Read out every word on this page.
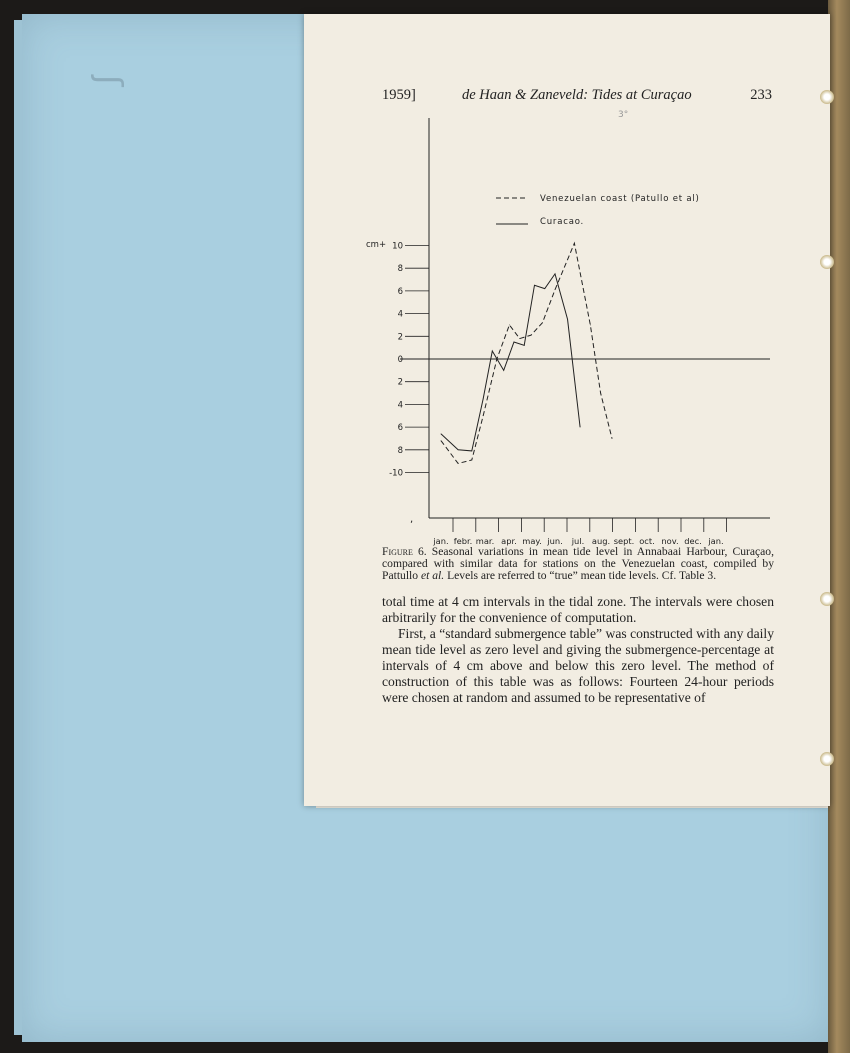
ʃ
1959]	de Haan & Zaneveld: Tides at Curaçao	233
3°
10
8
6
4
2
0
2
4
6
8
-10
jan. febr. mar. apr. may. jun. jul. aug. sept. oct. nov. dec. jan.
Venezuelan coast (Patullo et al)
Curacao.
cm+
,
Figure 6. Seasonal variations in mean tide level in Annabaai Harbour, Curaçao, compared with similar data for stations on the Venezuelan coast, compiled by Pattullo et al. Levels are referred to “true” mean tide levels. Cf. Table 3.

total time at 4 cm intervals in the tidal zone. The intervals were chosen arbitrarily for the convenience of computation.

First, a “standard submergence table” was constructed with any daily mean tide level as zero level and giving the submergence-percentage at intervals of 4 cm above and below this zero level. The method of construction of this table was as follows: Fourteen 24-hour periods were chosen at random and assumed to be representative of
